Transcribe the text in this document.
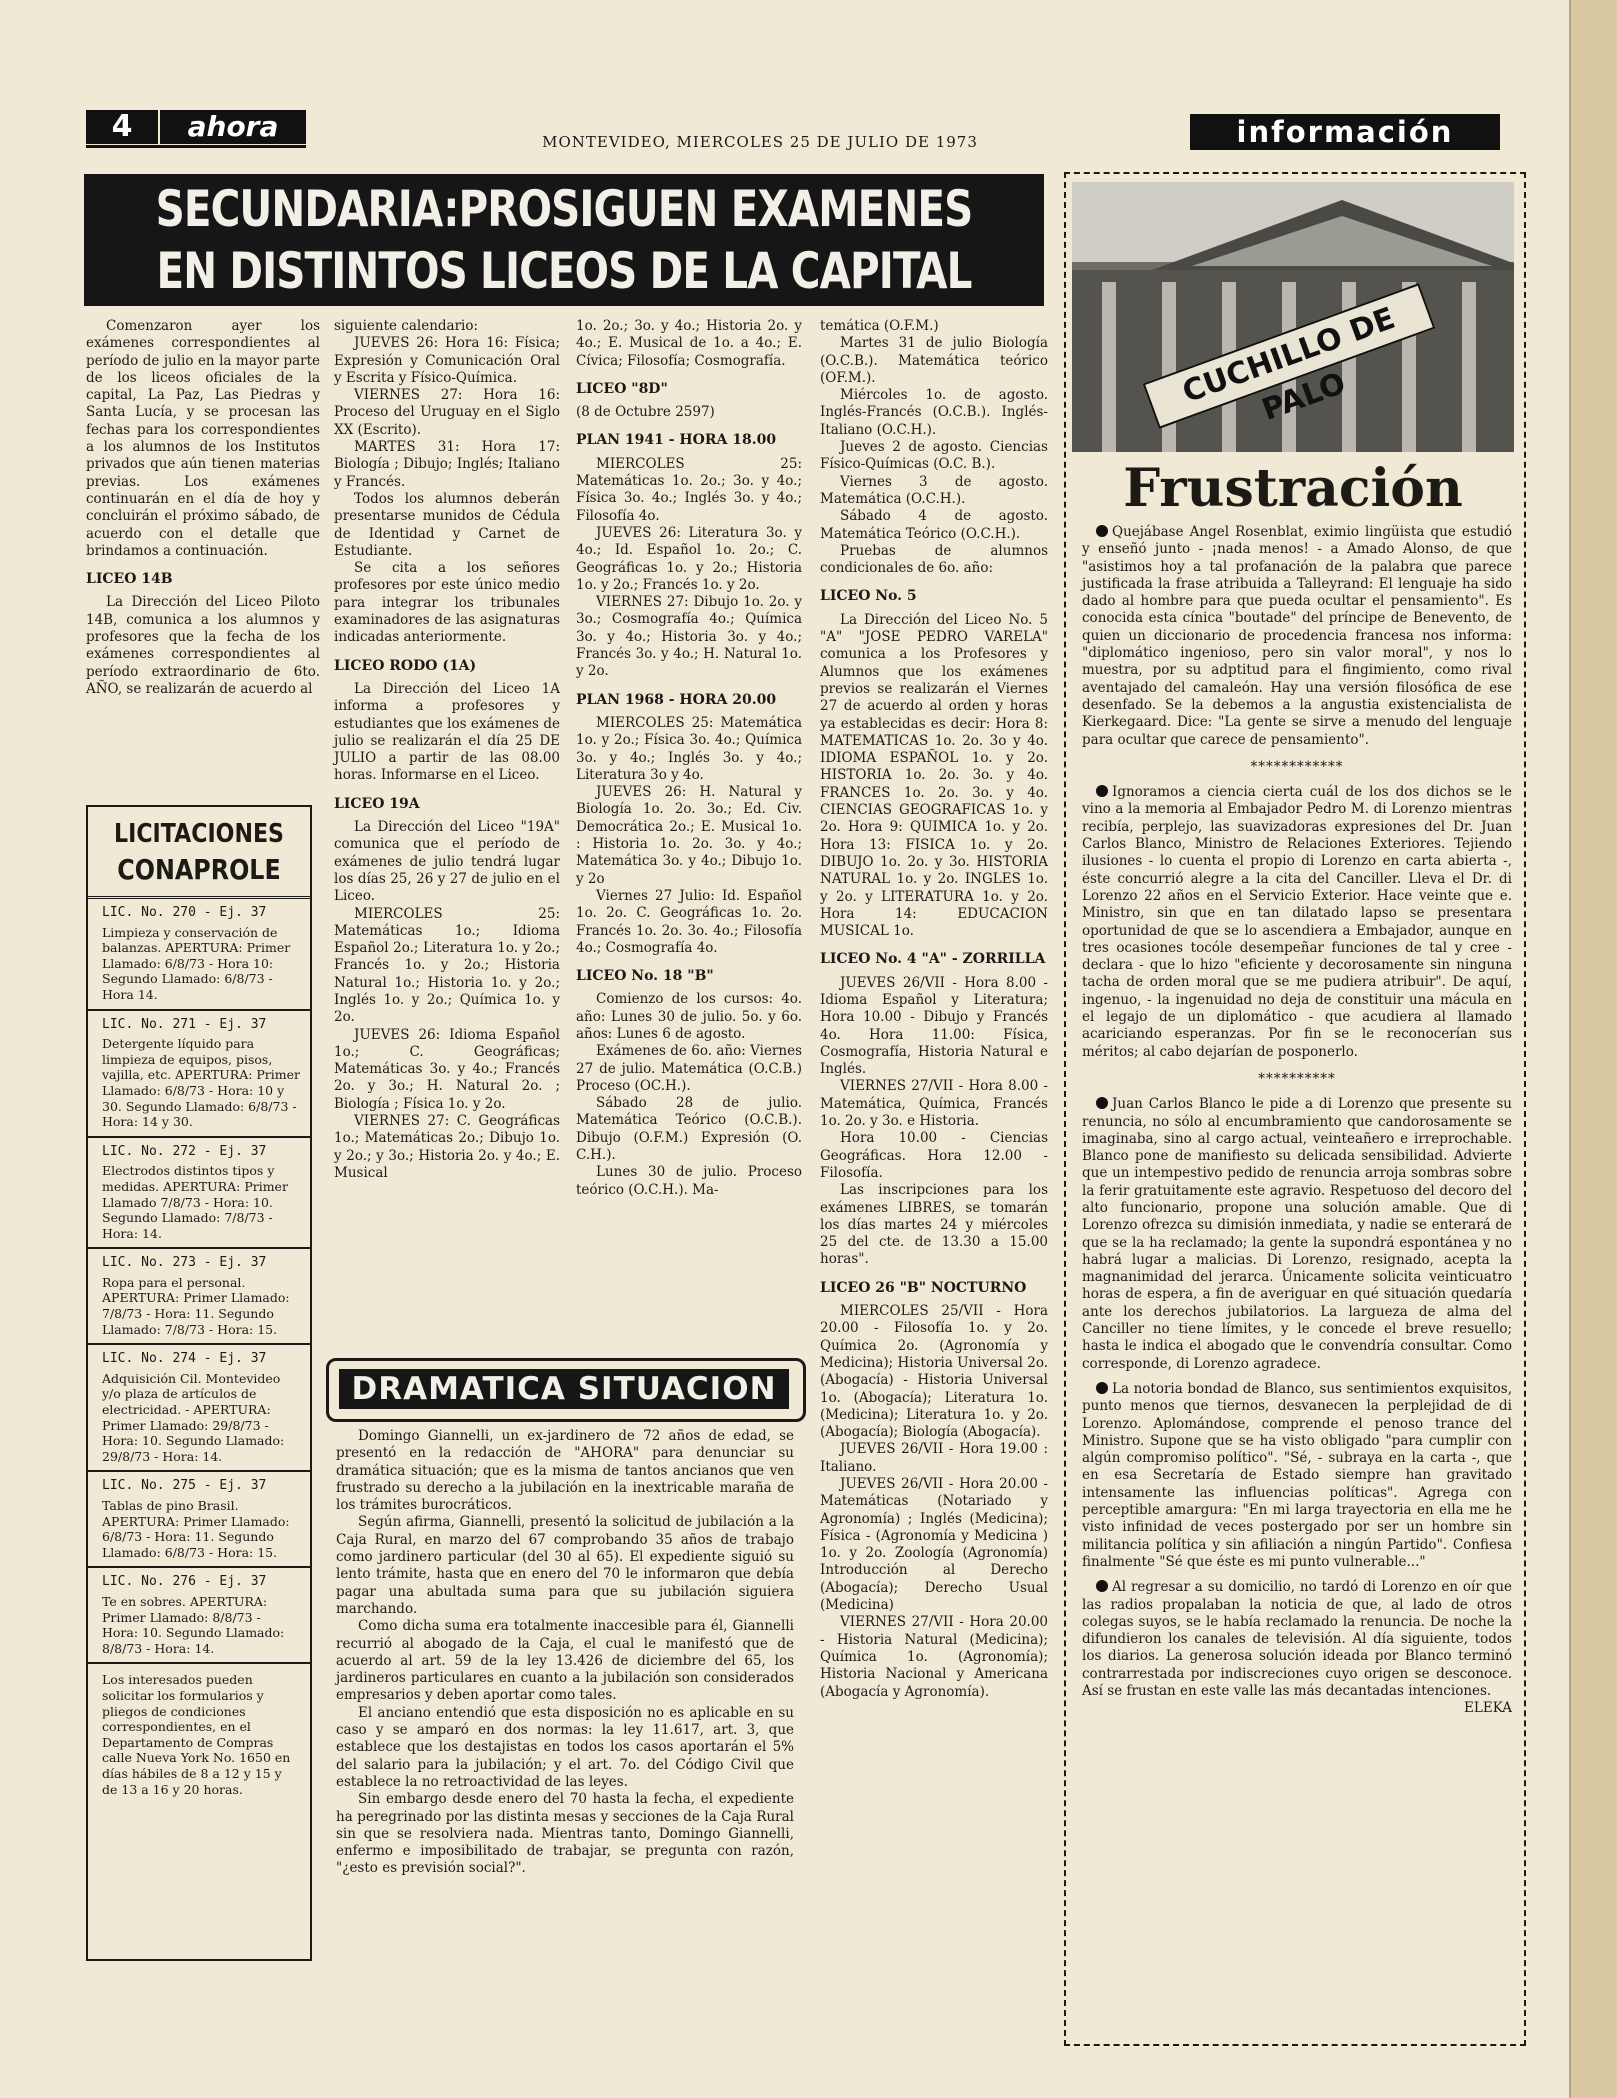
4	ahora	MONTEVIDEO, MIERCOLES 25 DE JULIO DE 1973	información
SECUNDARIA:PROSIGUEN EXAMENES
EN DISTINTOS LICEOS DE LA CAPITAL

Comenzaron ayer los exámenes correspondientes al período de julio en la mayor parte de los liceos oficiales de la capital, La Paz, Las Piedras y Santa Lucía, y se procesan las fechas para los correspondientes a los alumnos de los Institutos privados que aún tienen materias previas. Los exámenes continuarán en el día de hoy y concluirán el próximo sábado, de acuerdo con el detalle que brindamos a continuación.

LICEO 14B

La Dirección del Liceo Piloto 14B, comunica a los alumnos y profesores que la fecha de los exámenes correspondientes al período extraordinario de 6to. AÑO, se realizarán de acuerdo al

siguiente calendario:

JUEVES 26: Hora 16: Física; Expresión y Comunicación Oral y Escrita y Físico-Química.

VIERNES 27: Hora 16: Proceso del Uruguay en el Siglo XX (Escrito).

MARTES 31: Hora 17: Biología ; Dibujo; Inglés; Italiano y Francés.

Todos los alumnos deberán presentarse munidos de Cédula de Identidad y Carnet de Estudiante.

Se cita a los señores profesores por este único medio para integrar los tribunales examinadores de las asignaturas indicadas anteriormente.

LICEO RODO (1A)

La Dirección del Liceo 1A informa a profesores y estudiantes que los exámenes de julio se realizarán el día 25 DE JULIO a partir de las 08.00 horas. Informarse en el Liceo.

LICEO 19A

La Dirección del Liceo "19A" comunica que el período de exámenes de julio tendrá lugar los días 25, 26 y 27 de julio en el Liceo.

MIERCOLES 25: Matemáticas 1o.; Idioma Español 2o.; Literatura 1o. y 2o.; Francés 1o. y 2o.; Historia Natural 1o.; Historia 1o. y 2o.; Inglés 1o. y 2o.; Química 1o. y 2o.

JUEVES 26: Idioma Español 1o.; C. Geográficas; Matemáticas 3o. y 4o.; Francés 2o. y 3o.; H. Natural 2o. ; Biología ; Física 1o. y 2o.

VIERNES 27: C. Geográficas 1o.; Matemáticas 2o.; Dibujo 1o. y 2o.; y 3o.; Historia 2o. y 4o.; E. Musical

1o. 2o.; 3o. y 4o.; Historia 2o. y 4o.; E. Musical de 1o. a 4o.; E. Cívica; Filosofía; Cosmografía.

LICEO "8D"

(8 de Octubre 2597)

PLAN 1941 - HORA 18.00

MIERCOLES 25: Matemáticas 1o. 2o.; 3o. y 4o.; Física 3o. 4o.; Inglés 3o. y 4o.; Filosofía 4o.

JUEVES 26: Literatura 3o. y 4o.; Id. Español 1o. 2o.; C. Geográficas 1o. y 2o.; Historia 1o. y 2o.; Francés 1o. y 2o.

VIERNES 27: Dibujo 1o. 2o. y 3o.; Cosmografía 4o.; Química 3o. y 4o.; Historia 3o. y 4o.; Francés 3o. y 4o.; H. Natural 1o. y 2o.

PLAN 1968 - HORA 20.00

MIERCOLES 25: Matemática 1o. y 2o.; Física 3o. 4o.; Química 3o. y 4o.; Inglés 3o. y 4o.; Literatura 3o y 4o.

JUEVES 26: H. Natural y Biología 1o. 2o. 3o.; Ed. Civ. Democrática 2o.; E. Musical 1o. : Historia 1o. 2o. 3o. y 4o.; Matemática 3o. y 4o.; Dibujo 1o. y 2o

Viernes 27 Julio: Id. Español 1o. 2o. C. Geográficas 1o. 2o. Francés 1o. 2o. 3o. 4o.; Filosofía 4o.; Cosmografía 4o.

LICEO No. 18 "B"

Comienzo de los cursos: 4o. año: Lunes 30 de julio. 5o. y 6o. años: Lunes 6 de agosto.

Exámenes de 6o. año: Viernes 27 de julio. Matemática (O.C.B.) Proceso (OC.H.).

Sábado 28 de julio. Matemática Teórico (O.C.B.). Dibujo (O.F.M.) Expresión (O. C.H.).

Lunes 30 de julio. Proceso teórico (O.C.H.). Ma-

temática (O.F.M.)

Martes 31 de julio Biología (O.C.B.). Matemática teórico (OF.M.).

Miércoles 1o. de agosto. Inglés-Francés (O.C.B.). Inglés-Italiano (O.C.H.).

Jueves 2 de agosto. Ciencias Físico-Químicas (O.C. B.).

Viernes 3 de agosto. Matemática (O.C.H.).

Sábado 4 de agosto. Matemática Teórico (O.C.H.).

Pruebas de alumnos condicionales de 6o. año:

LICEO No. 5

La Dirección del Liceo No. 5 "A" "JOSE PEDRO VARELA" comunica a los Profesores y Alumnos que los exámenes previos se realizarán el Viernes 27 de acuerdo al orden y horas ya establecidas es decir: Hora 8: MATEMATICAS 1o. 2o. 3o y 4o. IDIOMA ESPAÑOL 1o. y 2o. HISTORIA 1o. 2o. 3o. y 4o. FRANCES 1o. 2o. 3o. y 4o. CIENCIAS GEOGRAFICAS 1o. y 2o. Hora 9: QUIMICA 1o. y 2o. Hora 13: FISICA 1o. y 2o. DIBUJO 1o. 2o. y 3o. HISTORIA NATURAL 1o. y 2o. INGLES 1o. y 2o. y LITERATURA 1o. y 2o. Hora 14: EDUCACION MUSICAL 1o.

LICEO No. 4 "A" - ZORRILLA

JUEVES 26/VII - Hora 8.00 - Idioma Español y Literatura; Hora 10.00 - Dibujo y Francés 4o. Hora 11.00: Física, Cosmografía, Historia Natural e Inglés.

VIERNES 27/VII - Hora 8.00 - Matemática, Química, Francés 1o. 2o. y 3o. e Historia.

Hora 10.00 - Ciencias Geográficas. Hora 12.00 - Filosofía.

Las inscripciones para los exámenes LIBRES, se tomarán los días martes 24 y miércoles 25 del cte. de 13.30 a 15.00 horas".

LICEO 26 "B" NOCTURNO

MIERCOLES 25/VII - Hora 20.00 - Filosofía 1o. y 2o. Química 2o. (Agronomía y Medicina); Historia Universal 2o. (Abogacía) - Historia Universal 1o. (Abogacía); Literatura 1o. (Medicina); Literatura 1o. y 2o. (Abogacía); Biología (Abogacía).

JUEVES 26/VII - Hora 19.00 : Italiano.

JUEVES 26/VII - Hora 20.00 - Matemáticas (Notariado y Agronomía) ; Inglés (Medicina); Física - (Agronomía y Medicina ) 1o. y 2o. Zoología (Agronomía) Introducción al Derecho (Abogacía); Derecho Usual (Medicina)

VIERNES 27/VII - Hora 20.00 - Historia Natural (Medicina); Química 1o. (Agronomía); Historia Nacional y Americana (Abogacía y Agronomía).

LICITACIONES
CONAPROLE
LIC. No. 270 - Ej. 37
Limpieza y conservación de balanzas. APERTURA: Primer Llamado: 6/8/73 - Hora 10: Segundo Llamado: 6/8/73 - Hora 14.
LIC. No. 271 - Ej. 37
Detergente líquido para limpieza de equipos, pisos, vajilla, etc. APERTURA: Primer Llamado: 6/8/73 - Hora: 10 y 30. Segundo Llamado: 6/8/73 - Hora: 14 y 30.
LIC. No. 272 - Ej. 37
Electrodos distintos tipos y medidas. APERTURA: Primer Llamado 7/8/73 - Hora: 10. Segundo Llamado: 7/8/73 - Hora: 14.
LIC. No. 273 - Ej. 37
Ropa para el personal. APERTURA: Primer Llamado: 7/8/73 - Hora: 11. Segundo Llamado: 7/8/73 - Hora: 15.
LIC. No. 274 - Ej. 37
Adquisición Cil. Montevideo y/o plaza de artículos de electricidad. - APERTURA: Primer Llamado: 29/8/73 - Hora: 10. Segundo Llamado: 29/8/73 - Hora: 14.
LIC. No. 275 - Ej. 37
Tablas de pino Brasil. APERTURA: Primer Llamado: 6/8/73 - Hora: 11. Segundo Llamado: 6/8/73 - Hora: 15.
LIC. No. 276 - Ej. 37
Te en sobres. APERTURA: Primer Llamado: 8/8/73 - Hora: 10. Segundo Llamado: 8/8/73 - Hora: 14.
Los interesados pueden solicitar los formularios y pliegos de condiciones correspondientes, en el Departamento de Compras calle Nueva York No. 1650 en días hábiles de 8 a 12 y 15 y de 13 a 16 y 20 horas.
DRAMATICA SITUACION

Domingo Giannelli, un ex-jardinero de 72 años de edad, se presentó en la redacción de "AHORA" para denunciar su dramática situación; que es la misma de tantos ancianos que ven frustrado su derecho a la jubilación en la inextricable maraña de los trámites burocráticos.

Según afirma, Giannelli, presentó la solicitud de jubilación a la Caja Rural, en marzo del 67 comprobando 35 años de trabajo como jardinero particular (del 30 al 65). El expediente siguió su lento trámite, hasta que en enero del 70 le informaron que debía pagar una abultada suma para que su jubilación siguiera marchando.

Como dicha suma era totalmente inaccesible para él, Giannelli recurrió al abogado de la Caja, el cual le manifestó que de acuerdo al art. 59 de la ley 13.426 de diciembre del 65, los jardineros particulares en cuanto a la jubilación son considerados empresarios y deben aportar como tales.

El anciano entendió que esta disposición no es aplicable en su caso y se amparó en dos normas: la ley 11.617, art. 3, que establece que los destajistas en todos los casos aportarán el 5% del salario para la jubilación; y el art. 7o. del Código Civil que establece la no retroactividad de las leyes.

Sin embargo desde enero del 70 hasta la fecha, el expediente ha peregrinado por las distinta mesas y secciones de la Caja Rural sin que se resolviera nada. Mientras tanto, Domingo Giannelli, enfermo e imposibilitado de trabajar, se pregunta con razón, "¿esto es previsión social?".

CUCHILLO DE PALO
Frustración

Quejábase Angel Rosenblat, eximio lingüista que estudió y enseñó junto - ¡nada menos! - a Amado Alonso, de que "asistimos hoy a tal profanación de la palabra que parece justificada la frase atribuida a Talleyrand: El lenguaje ha sido dado al hombre para que pueda ocultar el pensamiento". Es conocida esta cínica "boutade" del príncipe de Benevento, de quien un diccionario de procedencia francesa nos informa: "diplomático ingenioso, pero sin valor moral", y nos lo muestra, por su adptitud para el fingimiento, como rival aventajado del camaleón. Hay una versión filosófica de ese desenfado. Se la debemos a la angustia existencialista de Kierkegaard. Dice: "La gente se sirve a menudo del lenguaje para ocultar que carece de pensamiento".

************

Ignoramos a ciencia cierta cuál de los dos dichos se le vino a la memoria al Embajador Pedro M. di Lorenzo mientras recibía, perplejo, las suavizadoras expresiones del Dr. Juan Carlos Blanco, Ministro de Relaciones Exteriores. Tejiendo ilusiones - lo cuenta el propio di Lorenzo en carta abierta -, éste concurrió alegre a la cita del Canciller. Lleva el Dr. di Lorenzo 22 años en el Servicio Exterior. Hace veinte que e. Ministro, sin que en tan dilatado lapso se presentara oportunidad de que se lo ascendiera a Embajador, aunque en tres ocasiones tocóle desempeñar funciones de tal y cree - declara - que lo hizo "eficiente y decorosamente sin ninguna tacha de orden moral que se me pudiera atribuir". De aquí, ingenuo, - la ingenuidad no deja de constituir una mácula en el legajo de un diplomático - que acudiera al llamado acariciando esperanzas. Por fin se le reconocerían sus méritos; al cabo dejarían de posponerlo.

**********

Juan Carlos Blanco le pide a di Lorenzo que presente su renuncia, no sólo al encumbramiento que candorosamente se imaginaba, sino al cargo actual, veinteañero e irreprochable. Blanco pone de manifiesto su delicada sensibilidad. Advierte que un intempestivo pedido de renuncia arroja sombras sobre la ferir gratuitamente este agravio. Respetuoso del decoro del alto funcionario, propone una solución amable. Que di Lorenzo ofrezca su dimisión inmediata, y nadie se enterará de que se la ha reclamado; la gente la supondrá espontánea y no habrá lugar a malicias. Di Lorenzo, resignado, acepta la magnanimidad del jerarca. Únicamente solicita veinticuatro horas de espera, a fin de averiguar en qué situación quedaría ante los derechos jubilatorios. La largueza de alma del Canciller no tiene límites, y le concede el breve resuello; hasta le indica el abogado que le convendría consultar. Como corresponde, di Lorenzo agradece.

La notoria bondad de Blanco, sus sentimientos exquisitos, punto menos que tiernos, desvanecen la perplejidad de di Lorenzo. Aplomándose, comprende el penoso trance del Ministro. Supone que se ha visto obligado "para cumplir con algún compromiso político". "Sé, - subraya en la carta -, que en esa Secretaría de Estado siempre han gravitado intensamente las influencias políticas". Agrega con perceptible amargura: "En mi larga trayectoria en ella me he visto infinidad de veces postergado por ser un hombre sin militancia política y sin afiliación a ningún Partido". Confiesa finalmente "Sé que éste es mi punto vulnerable..."

Al regresar a su domicilio, no tardó di Lorenzo en oír que las radios propalaban la noticia de que, al lado de otros colegas suyos, se le había reclamado la renuncia. De noche la difundieron los canales de televisión. Al día siguiente, todos los diarios. La generosa solución ideada por Blanco terminó contrarrestada por indiscreciones cuyo origen se desconoce. Así se frustan en este valle las más decantadas intenciones.

ELEKA
